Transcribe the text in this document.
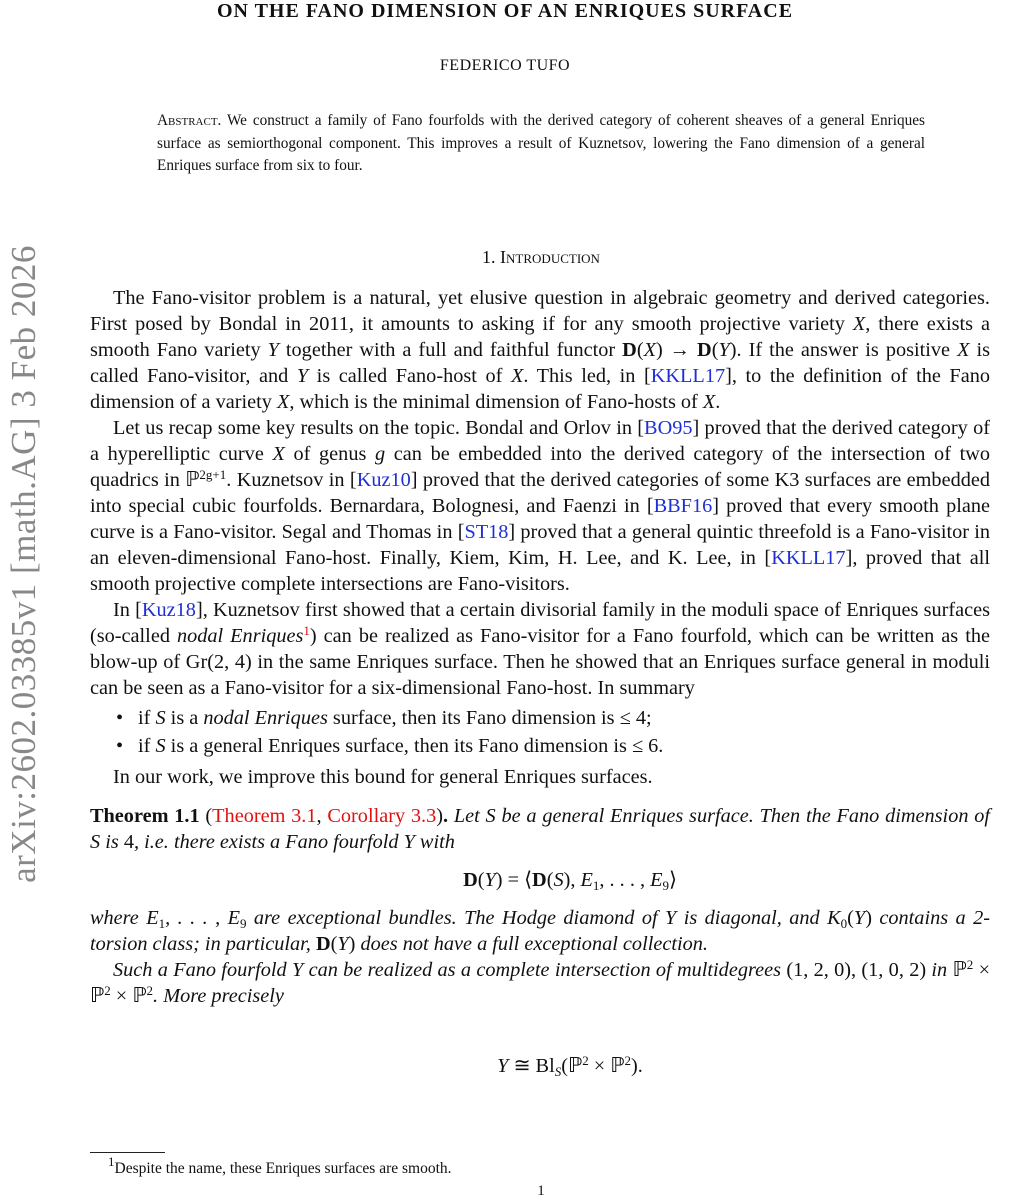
arXiv:2602.03385v1 [math.AG] 3 Feb 2026
ON THE FANO DIMENSION OF AN ENRIQUES SURFACE
FEDERICO TUFO
Abstract. We construct a family of Fano fourfolds with the derived category of coherent sheaves of a general Enriques surface as semiorthogonal component. This improves a result of Kuznetsov, lowering the Fano dimension of a general Enriques surface from six to four.
1. Introduction

The Fano-visitor problem is a natural, yet elusive question in algebraic geometry and derived categories. First posed by Bondal in 2011, it amounts to asking if for any smooth projective variety X, there exists a smooth Fano variety Y together with a full and faithful functor D(X) → D(Y). If the answer is positive X is called Fano-visitor, and Y is called Fano-host of X. This led, in [KKLL17], to the definition of the Fano dimension of a variety X, which is the minimal dimension of Fano-hosts of X.

Let us recap some key results on the topic. Bondal and Orlov in [BO95] proved that the derived category of a hyperelliptic curve X of genus g can be embedded into the derived category of the intersection of two quadrics in ℙ$^{2g+1}$. Kuznetsov in [Kuz10] proved that the derived categories of some K3 surfaces are embedded into special cubic fourfolds. Bernardara, Bolognesi, and Faenzi in [BBF16] proved that every smooth plane curve is a Fano-visitor. Segal and Thomas in [ST18] proved that a general quintic threefold is a Fano-visitor in an eleven-dimensional Fano-host. Finally, Kiem, Kim, H. Lee, and K. Lee, in [KKLL17], proved that all smooth projective complete intersections are Fano-visitors.

In [Kuz18], Kuznetsov first showed that a certain divisorial family in the moduli space of Enriques surfaces (so-called nodal Enriques$^1$) can be realized as Fano-visitor for a Fano fourfold, which can be written as the blow-up of Gr(2, 4) in the same Enriques surface. Then he showed that an Enriques surface general in moduli can be seen as a Fano-visitor for a six-dimensional Fano-host. In summary

• if S is a nodal Enriques surface, then its Fano dimension is ≤ 4;
• if S is a general Enriques surface, then its Fano dimension is ≤ 6.

In our work, we improve this bound for general Enriques surfaces.

Theorem 1.1 (Theorem 3.1, Corollary 3.3). Let S be a general Enriques surface. Then the Fano dimension of S is 4, i.e. there exists a Fano fourfold Y with

D(Y) = ⟨D(S), $E_1$, . . . , $E_9⟩$

where $E_1$, . . . , $E_9$ are exceptional bundles. The Hodge diamond of Y is diagonal, and $K_0(Y)$ contains a 2-torsion class; in particular, D(Y) does not have a full exceptional collection.

Such a Fano fourfold Y can be realized as a complete intersection of multidegrees (1, 2, 0), (1, 0, 2) in ℙ$^2$ × ℙ$^2$ × ℙ$^2$. More precisely

Y ≅ $Bl_S(ℙ^2$ × ℙ$^2$).
$^1$Despite the name, these Enriques surfaces are smooth.
1
